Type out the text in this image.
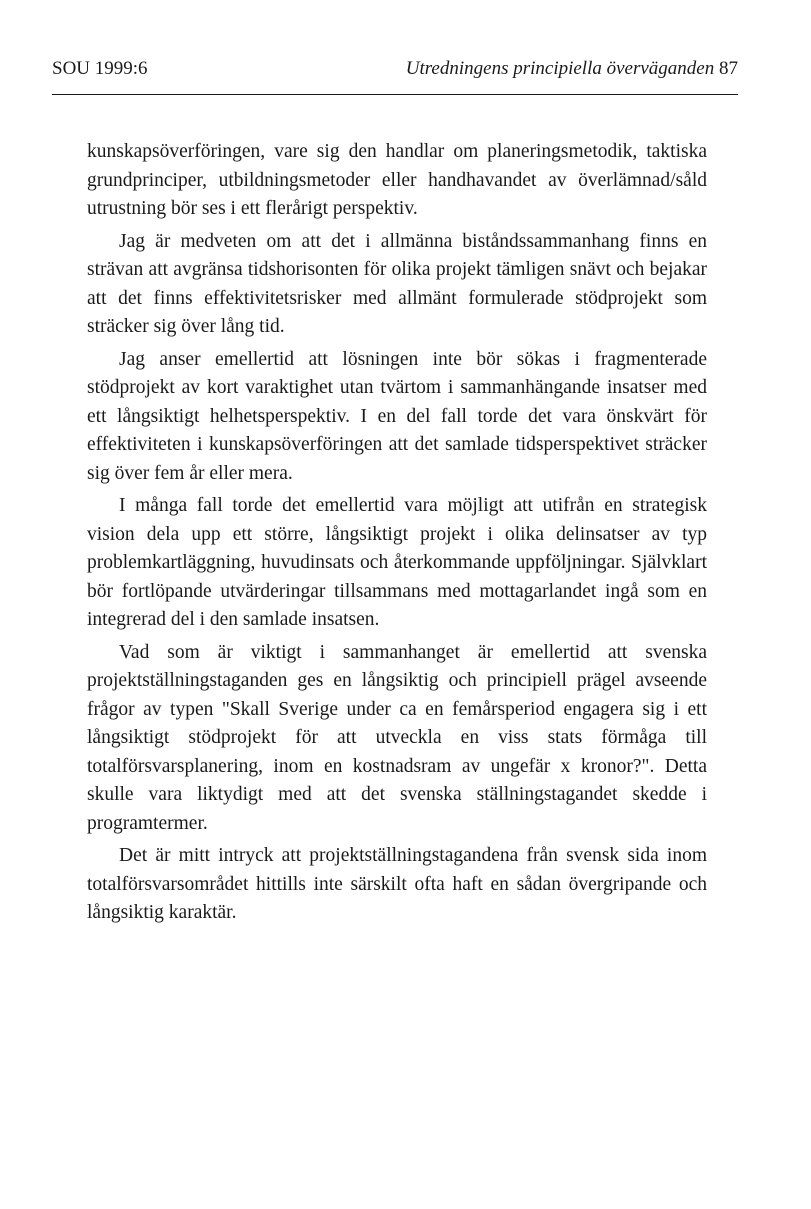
SOU 1999:6	Utredningens principiella överväganden 87

kunskapsöverföringen, vare sig den handlar om planeringsmetodik, taktiska grundprinciper, utbildningsmetoder eller handhavandet av överlämnad/såld utrustning bör ses i ett flerårigt perspektiv.

Jag är medveten om att det i allmänna biståndssammanhang finns en strävan att avgränsa tidshorisonten för olika projekt tämligen snävt och bejakar att det finns effektivitetsrisker med allmänt formulerade stödprojekt som sträcker sig över lång tid.

Jag anser emellertid att lösningen inte bör sökas i fragmenterade stödprojekt av kort varaktighet utan tvärtom i sammanhängande insatser med ett långsiktigt helhetsperspektiv. I en del fall torde det vara önskvärt för effektiviteten i kunskapsöverföringen att det samlade tidsperspektivet sträcker sig över fem år eller mera.

I många fall torde det emellertid vara möjligt att utifrån en strategisk vision dela upp ett större, långsiktigt projekt i olika delinsatser av typ problemkartläggning, huvudinsats och återkommande uppföljningar. Självklart bör fortlöpande utvärderingar tillsammans med mottagarlandet ingå som en integrerad del i den samlade insatsen.

Vad som är viktigt i sammanhanget är emellertid att svenska projektställningstaganden ges en långsiktig och principiell prägel avseende frågor av typen "Skall Sverige under ca en femårsperiod engagera sig i ett långsiktigt stödprojekt för att utveckla en viss stats förmåga till totalförsvarsplanering, inom en kostnadsram av ungefär x kronor?". Detta skulle vara liktydigt med att det svenska ställningstagandet skedde i programtermer.

Det är mitt intryck att projektställningstagandena från svensk sida inom totalförsvarsområdet hittills inte särskilt ofta haft en sådan övergripande och långsiktig karaktär.
